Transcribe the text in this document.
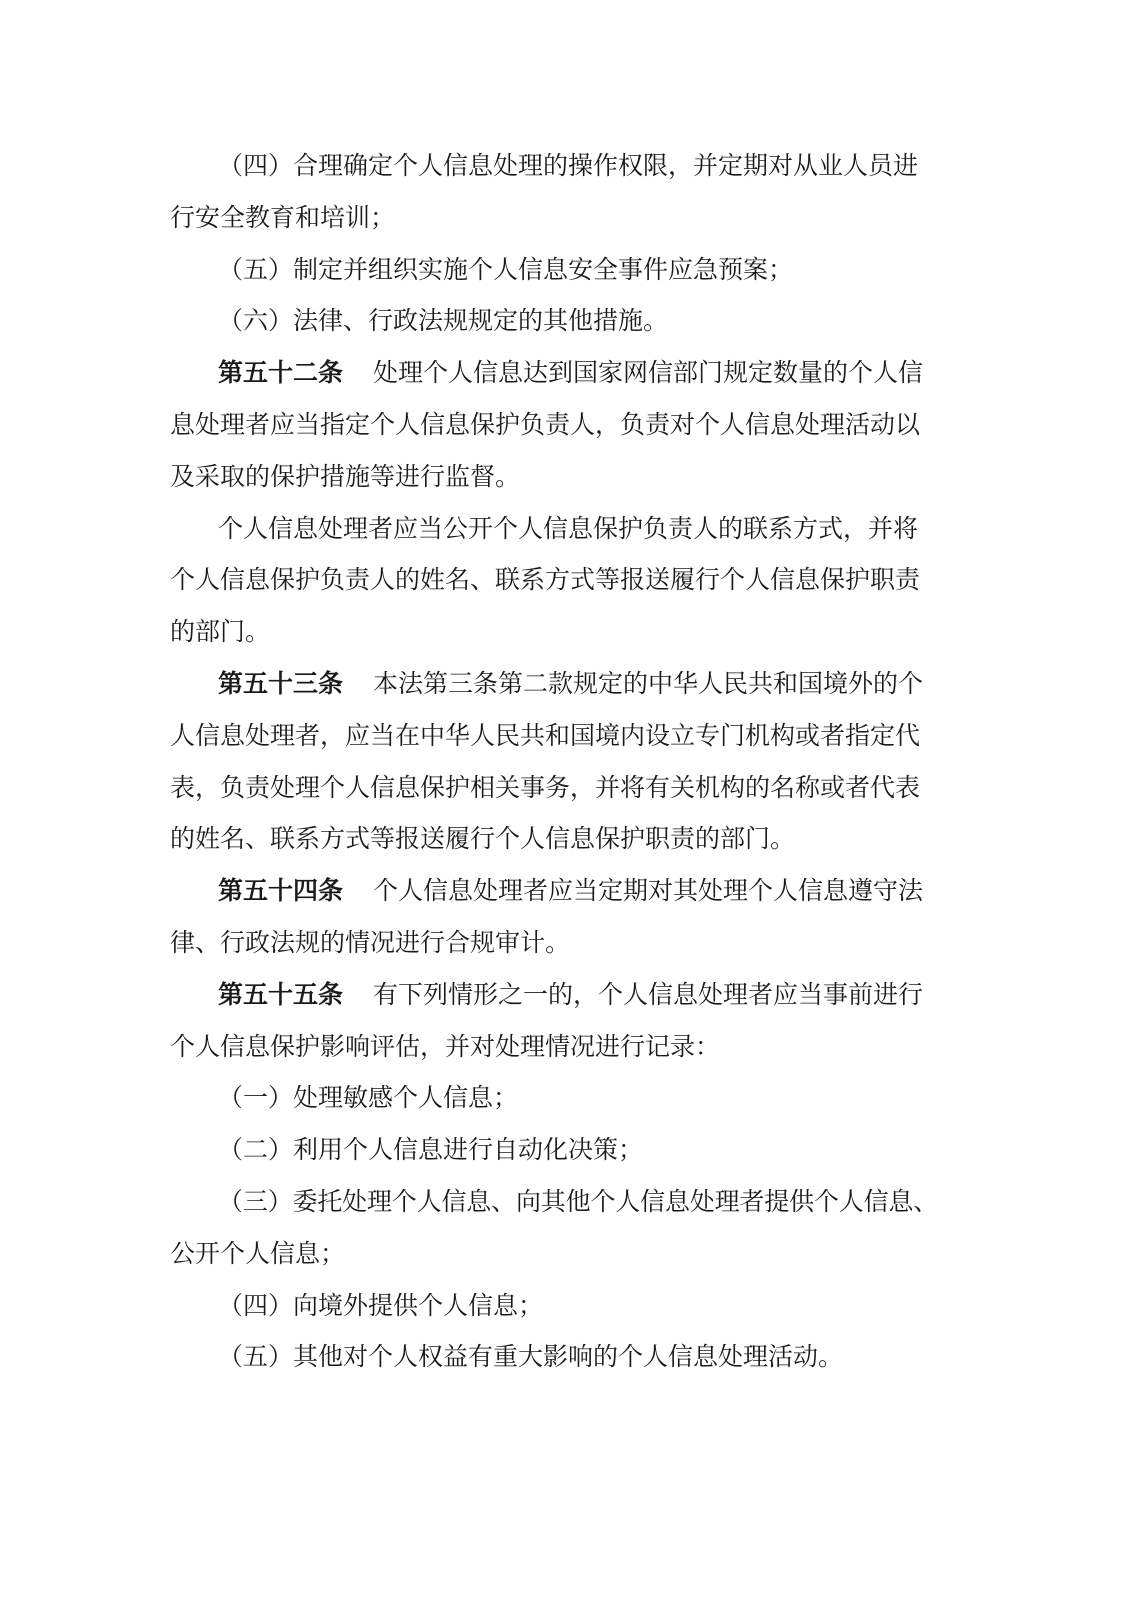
（四）合理确定个人信息处理的操作权限，并定期对从业人员进
行安全教育和培训；
（五）制定并组织实施个人信息安全事件应急预案；
（六）法律、行政法规规定的其他措施。
第五十二条 处理个人信息达到国家网信部门规定数量的个人信
息处理者应当指定个人信息保护负责人，负责对个人信息处理活动以
及采取的保护措施等进行监督。
个人信息处理者应当公开个人信息保护负责人的联系方式，并将
个人信息保护负责人的姓名、联系方式等报送履行个人信息保护职责
的部门。
第五十三条 本法第三条第二款规定的中华人民共和国境外的个
人信息处理者，应当在中华人民共和国境内设立专门机构或者指定代
表，负责处理个人信息保护相关事务，并将有关机构的名称或者代表
的姓名、联系方式等报送履行个人信息保护职责的部门。
第五十四条 个人信息处理者应当定期对其处理个人信息遵守法
律、行政法规的情况进行合规审计。
第五十五条 有下列情形之一的，个人信息处理者应当事前进行
个人信息保护影响评估，并对处理情况进行记录：
（一）处理敏感个人信息；
（二）利用个人信息进行自动化决策；
（三）委托处理个人信息、向其他个人信息处理者提供个人信息、
公开个人信息；
（四）向境外提供个人信息；
（五）其他对个人权益有重大影响的个人信息处理活动。
